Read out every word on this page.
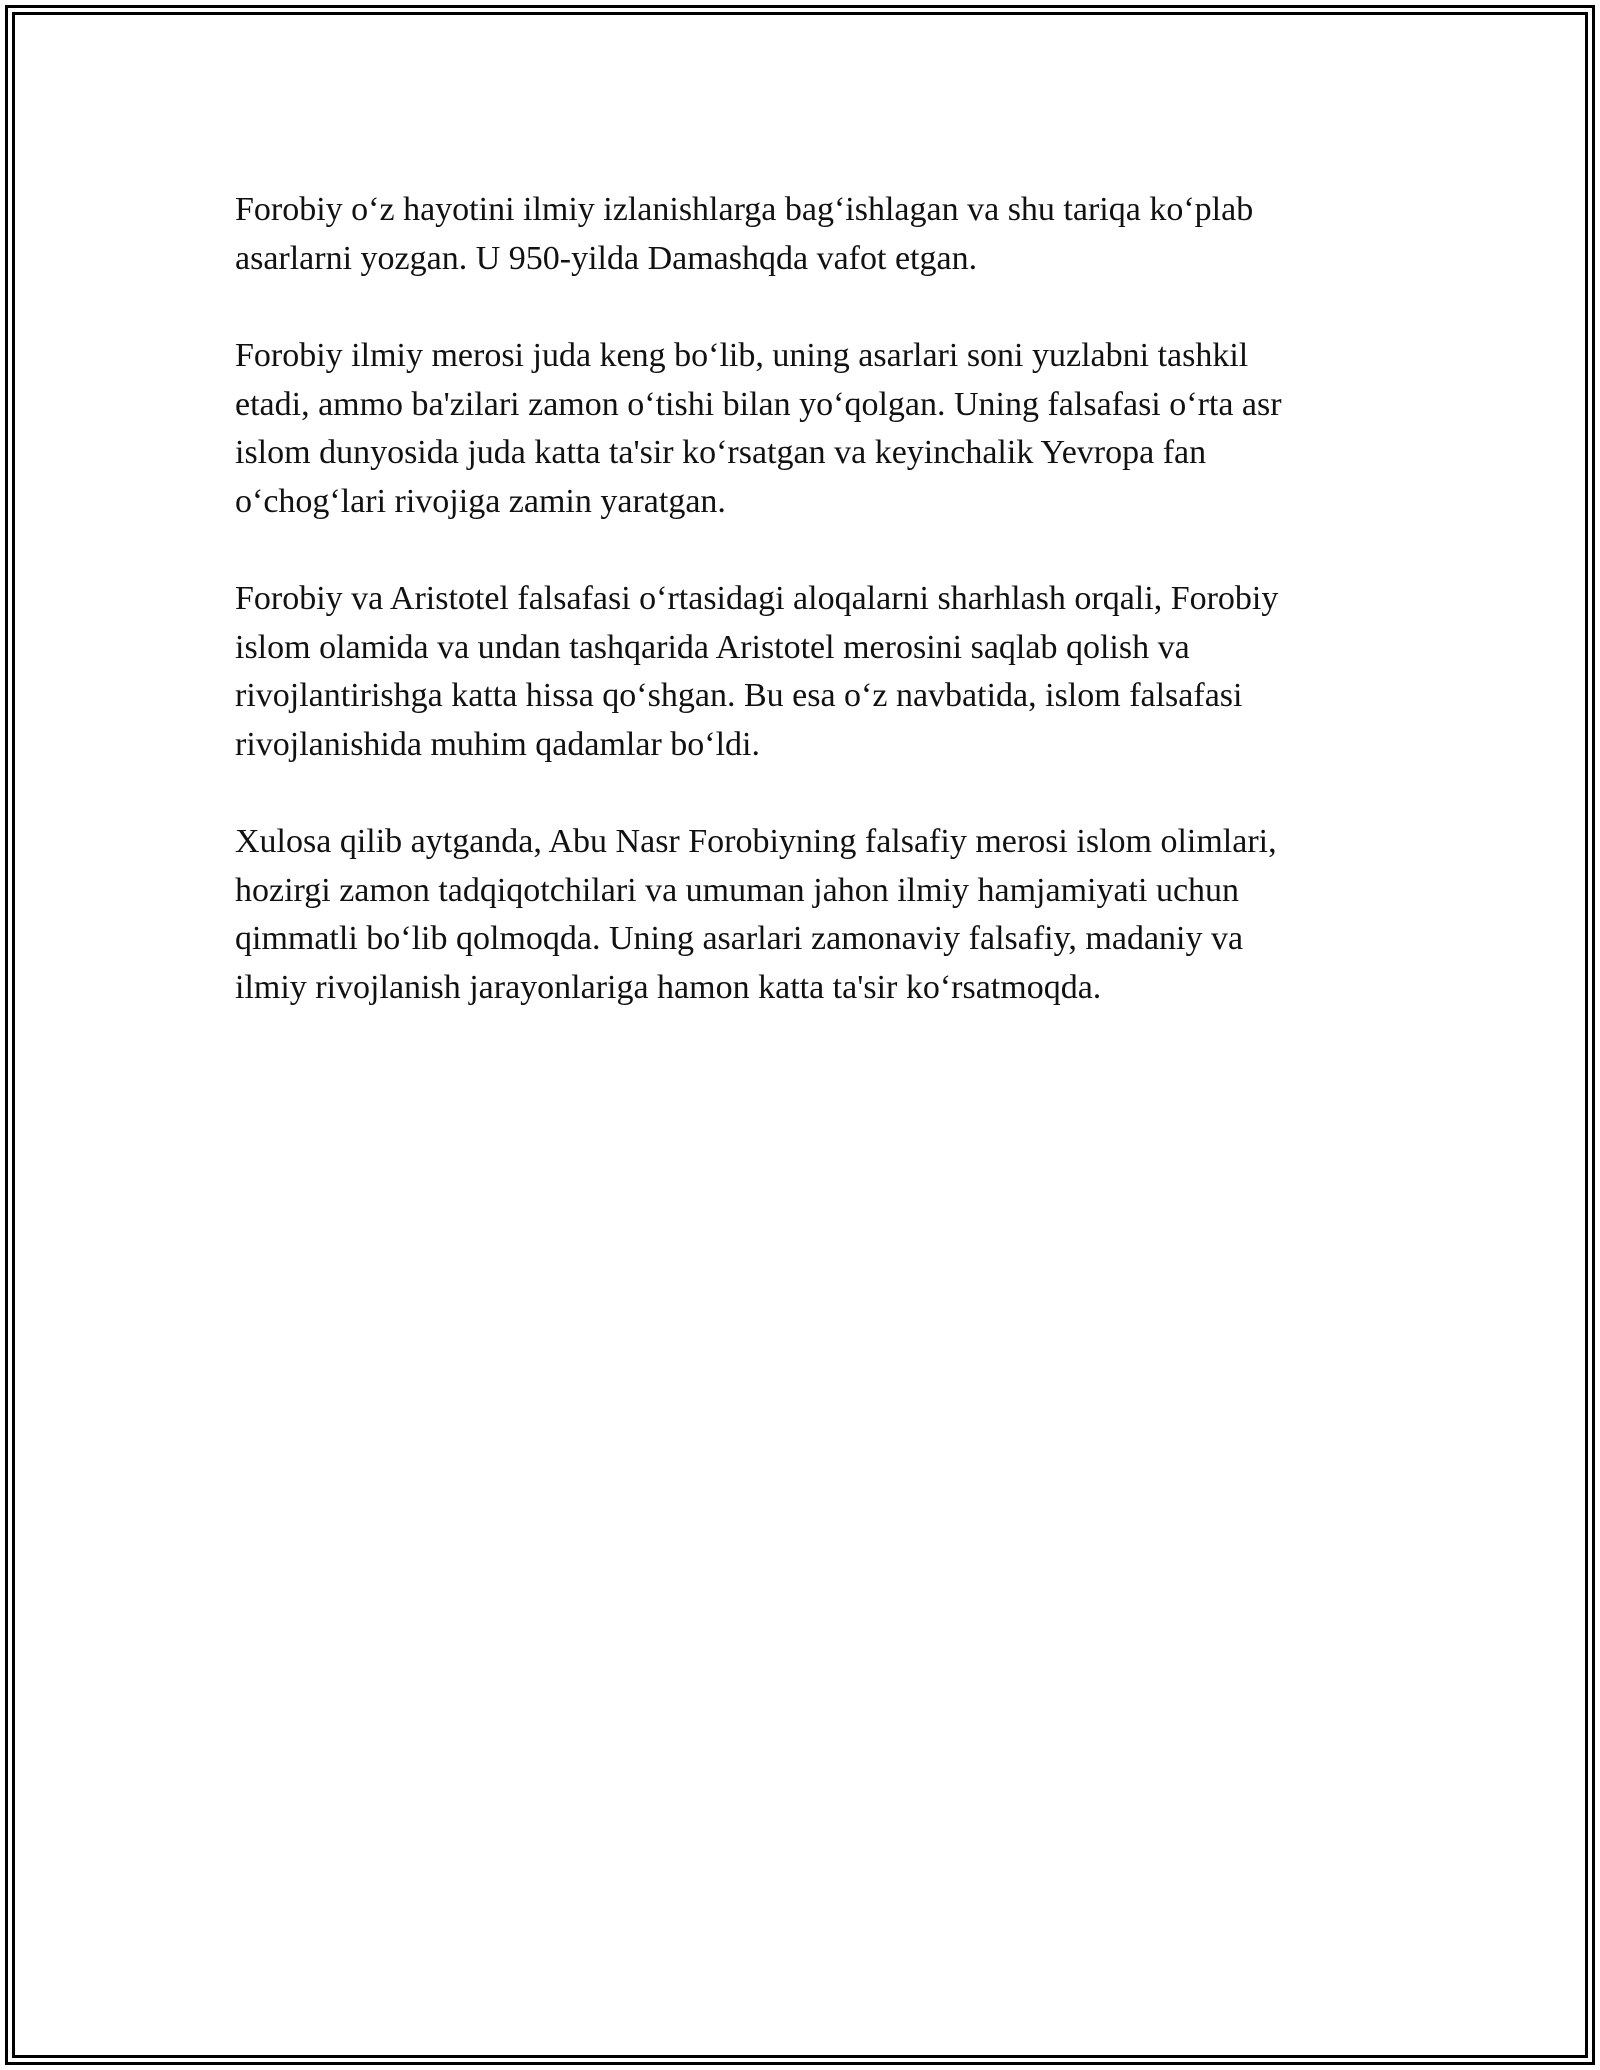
Forobiy o‘z hayotini ilmiy izlanishlarga bag‘ishlagan va shu tariqa ko‘plab
asarlarni yozgan. U 950-yilda Damashqda vafot etgan.

Forobiy ilmiy merosi juda keng bo‘lib, uning asarlari soni yuzlabni tashkil
etadi, ammo ba'zilari zamon o‘tishi bilan yo‘qolgan. Uning falsafasi o‘rta asr
islom dunyosida juda katta ta'sir ko‘rsatgan va keyinchalik Yevropa fan
o‘chog‘lari rivojiga zamin yaratgan.

Forobiy va Aristotel falsafasi o‘rtasidagi aloqalarni sharhlash orqali, Forobiy
islom olamida va undan tashqarida Aristotel merosini saqlab qolish va
rivojlantirishga katta hissa qo‘shgan. Bu esa o‘z navbatida, islom falsafasi
rivojlanishida muhim qadamlar bo‘ldi.

Xulosa qilib aytganda, Abu Nasr Forobiyning falsafiy merosi islom olimlari,
hozirgi zamon tadqiqotchilari va umuman jahon ilmiy hamjamiyati uchun
qimmatli bo‘lib qolmoqda. Uning asarlari zamonaviy falsafiy, madaniy va
ilmiy rivojlanish jarayonlariga hamon katta ta'sir ko‘rsatmoqda.
